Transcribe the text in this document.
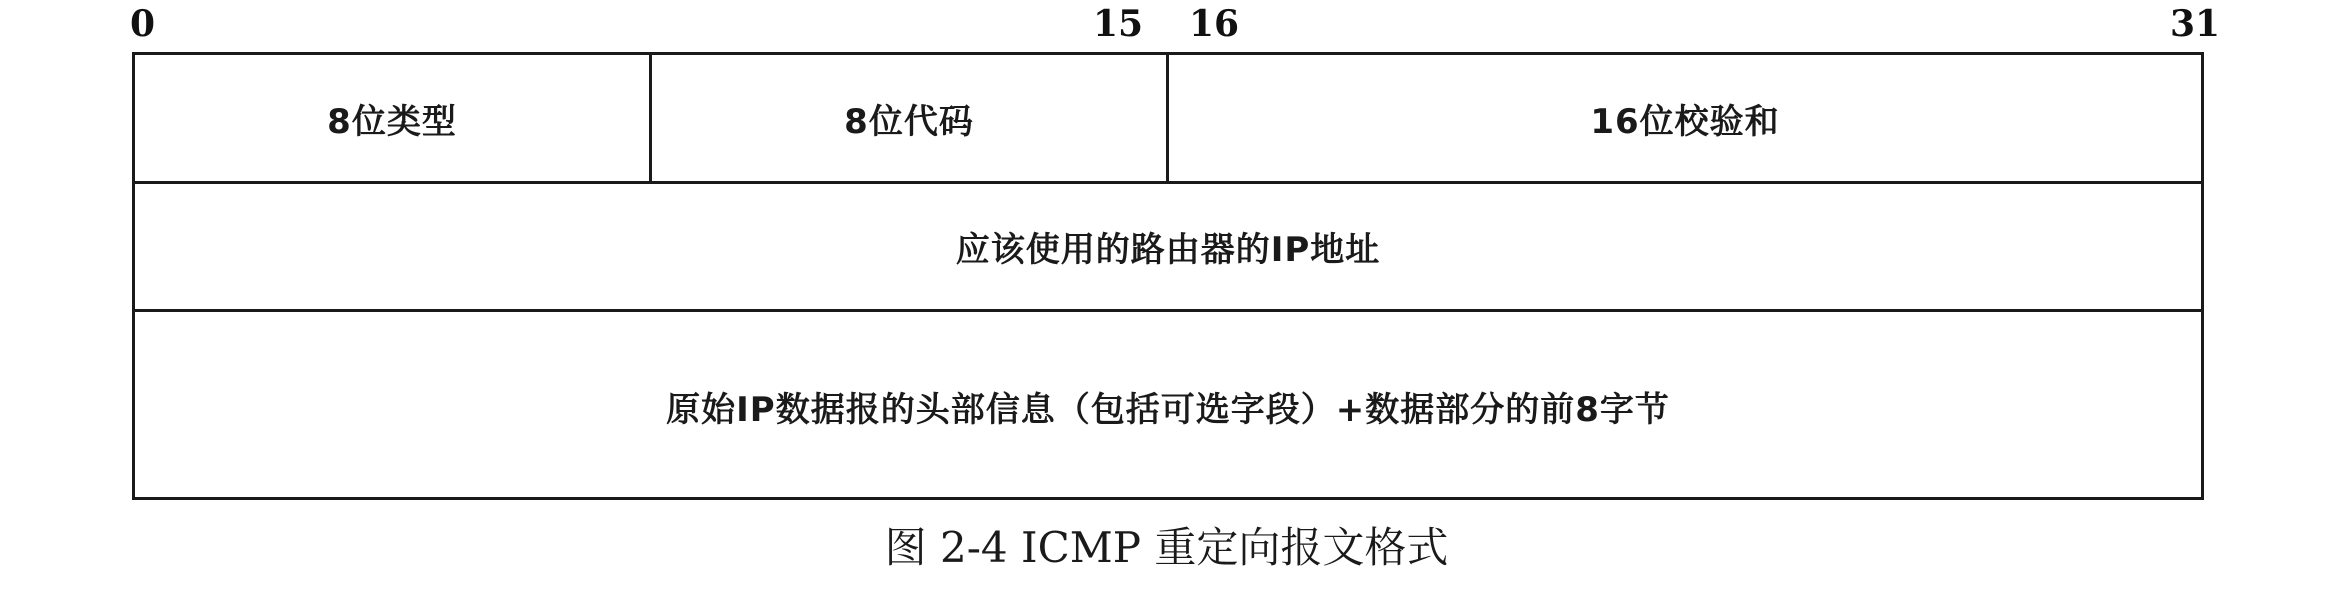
0	15 16	31
8位类型	8位代码	16位校验和
应该使用的路由器的IP地址
原始IP数据报的头部信息（包括可选字段）+数据部分的前8字节
图 2-4 ICMP 重定向报文格式
